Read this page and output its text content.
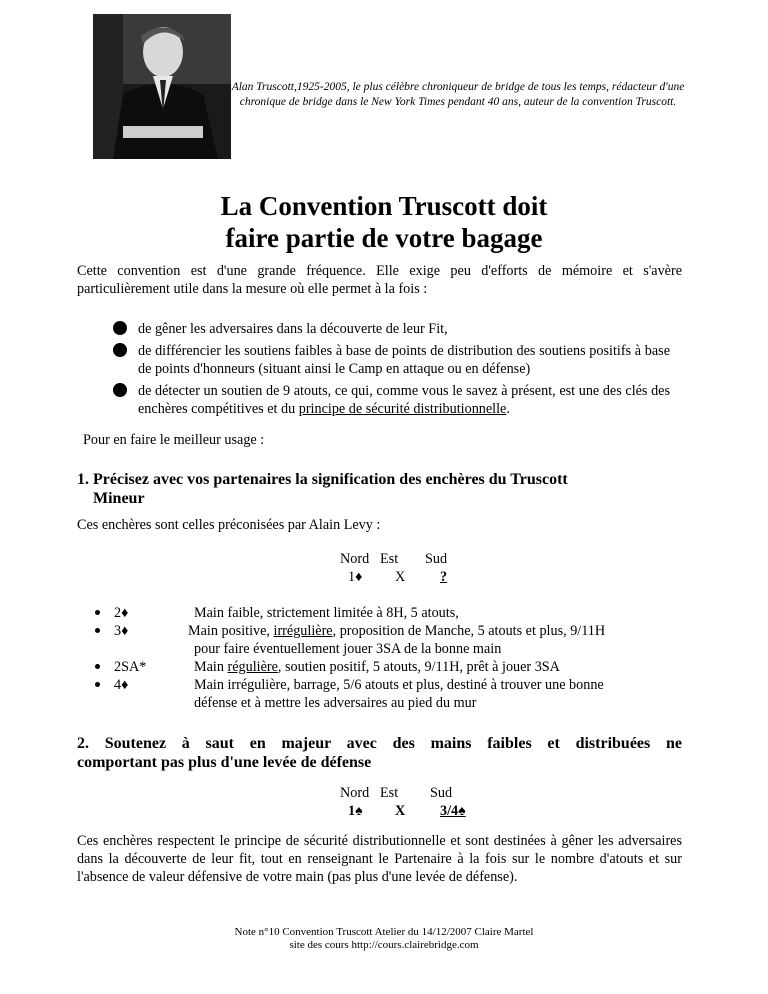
Alan Truscott,1925-2005, le plus célèbre chroniqueur de bridge de tous les temps, rédacteur d'une chronique de bridge dans le New York Times pendant 40 ans, auteur de la convention Truscott.
La Convention Truscott doit
faire partie de votre bagage
Cette convention est d'une grande fréquence. Elle exige peu d'efforts de mémoire et s'avère particulièrement utile dans la mesure où elle permet à la fois :
de gêner les adversaires dans la découverte de leur Fit,
de différencier les soutiens faibles à base de points de distribution des soutiens positifs à base de points d'honneurs (situant ainsi le Camp en attaque ou en défense)
de détecter un soutien de 9 atouts, ce qui, comme vous le savez à présent, est une des clés des enchères compétitives et du principe de sécurité distributionnelle.
Pour en faire le meilleur usage :
1. Précisez avec vos partenaires la signification des enchères du Truscott
Mineur
Ces enchères sont celles préconisées par Alain Levy :
Nord Est Sud
1♦ X ?
2♦	Main faible, strictement limitée à 8H, 5 atouts,
3♦	Main positive, irrégulière, proposition de Manche, 5 atouts et plus, 9/11H
pour faire éventuellement jouer 3SA de la bonne main
2SA*	Main régulière, soutien positif, 5 atouts, 9/11H, prêt à jouer 3SA
4♦	Main irrégulière, barrage, 5/6 atouts et plus, destiné à trouver une bonne
défense et à mettre les adversaires au pied du mur
2. Soutenez à saut en majeur avec des mains faibles et distribuées ne
comportant pas plus d'une levée de défense
Nord Est Sud
1♠ X 3/4♠
Ces enchères respectent le principe de sécurité distributionnelle et sont destinées à gêner les adversaires dans la découverte de leur fit, tout en renseignant le Partenaire à la fois sur le nombre d'atouts et sur l'absence de valeur défensive de votre main (pas plus d'une levée de défense).
Note n°10 Convention Truscott Atelier du 14/12/2007 Claire Martel
site des cours http://cours.clairebridge.com
